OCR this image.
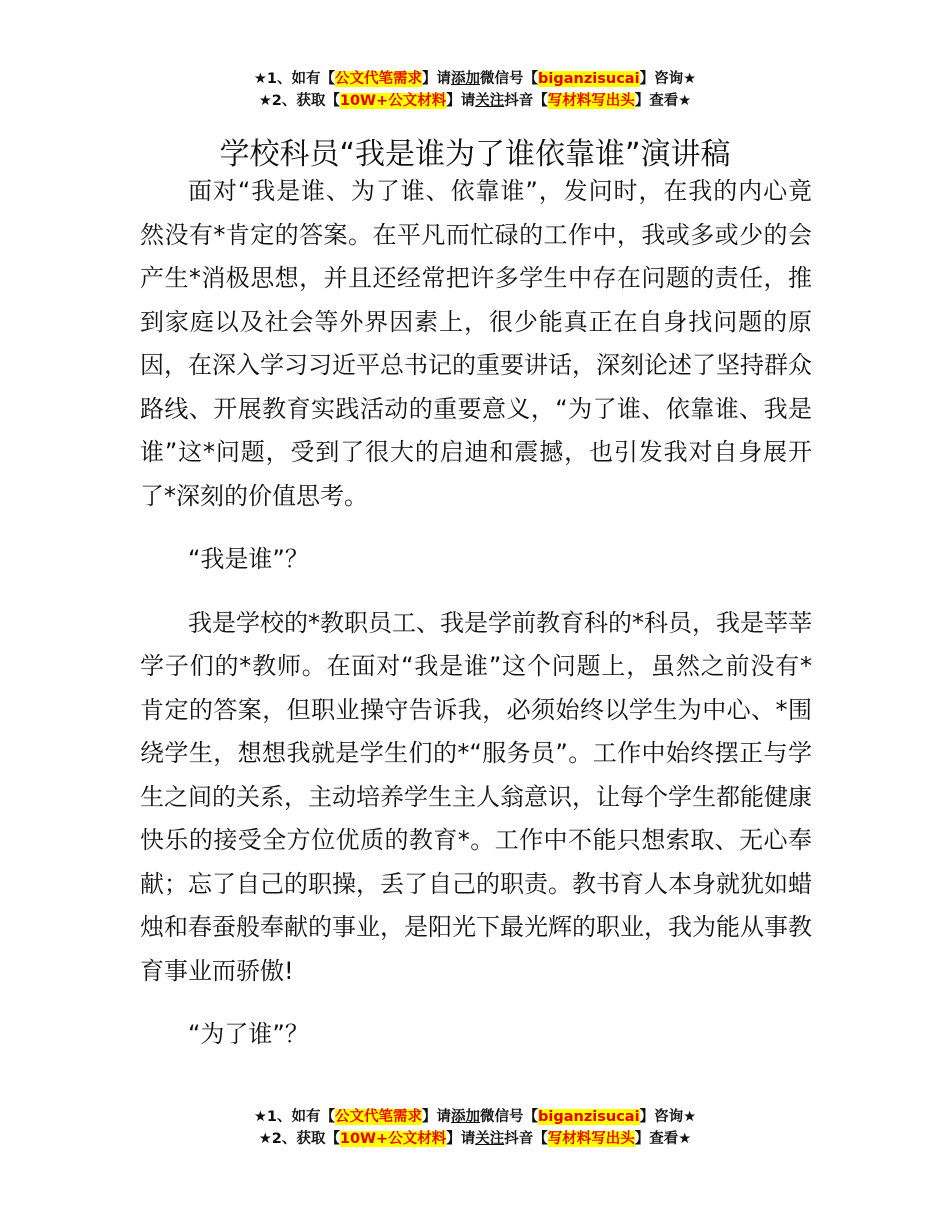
★1、如有【公文代笔需求】请添加微信号【biganzisucai】咨询★
★2、获取【10W+公文材料】请关注抖音【写材料写出头】查看★
学校科员“我是谁为了谁依靠谁”演讲稿

面对“我是谁、为了谁、依靠谁”，发问时，在我的内心竟然没有*肯定的答案。在平凡而忙碌的工作中，我或多或少的会产生*消极思想，并且还经常把许多学生中存在问题的责任，推到家庭以及社会等外界因素上，很少能真正在自身找问题的原因，在深入学习习近平总书记的重要讲话，深刻论述了坚持群众路线、开展教育实践活动的重要意义，“为了谁、依靠谁、我是谁”这*问题，受到了很大的启迪和震撼，也引发我对自身展开了*深刻的价值思考。

“我是谁”？

我是学校的*教职员工、我是学前教育科的*科员，我是莘莘学子们的*教师。在面对“我是谁”这个问题上，虽然之前没有*肯定的答案，但职业操守告诉我，必须始终以学生为中心、*围绕学生，想想我就是学生们的*“服务员”。工作中始终摆正与学生之间的关系，主动培养学生主人翁意识，让每个学生都能健康快乐的接受全方位优质的教育*。工作中不能只想索取、无心奉献；忘了自己的职操，丢了自己的职责。教书育人本身就犹如蜡烛和春蚕般奉献的事业，是阳光下最光辉的职业，我为能从事教育事业而骄傲!

“为了谁”？

★1、如有【公文代笔需求】请添加微信号【biganzisucai】咨询★
★2、获取【10W+公文材料】请关注抖音【写材料写出头】查看★
